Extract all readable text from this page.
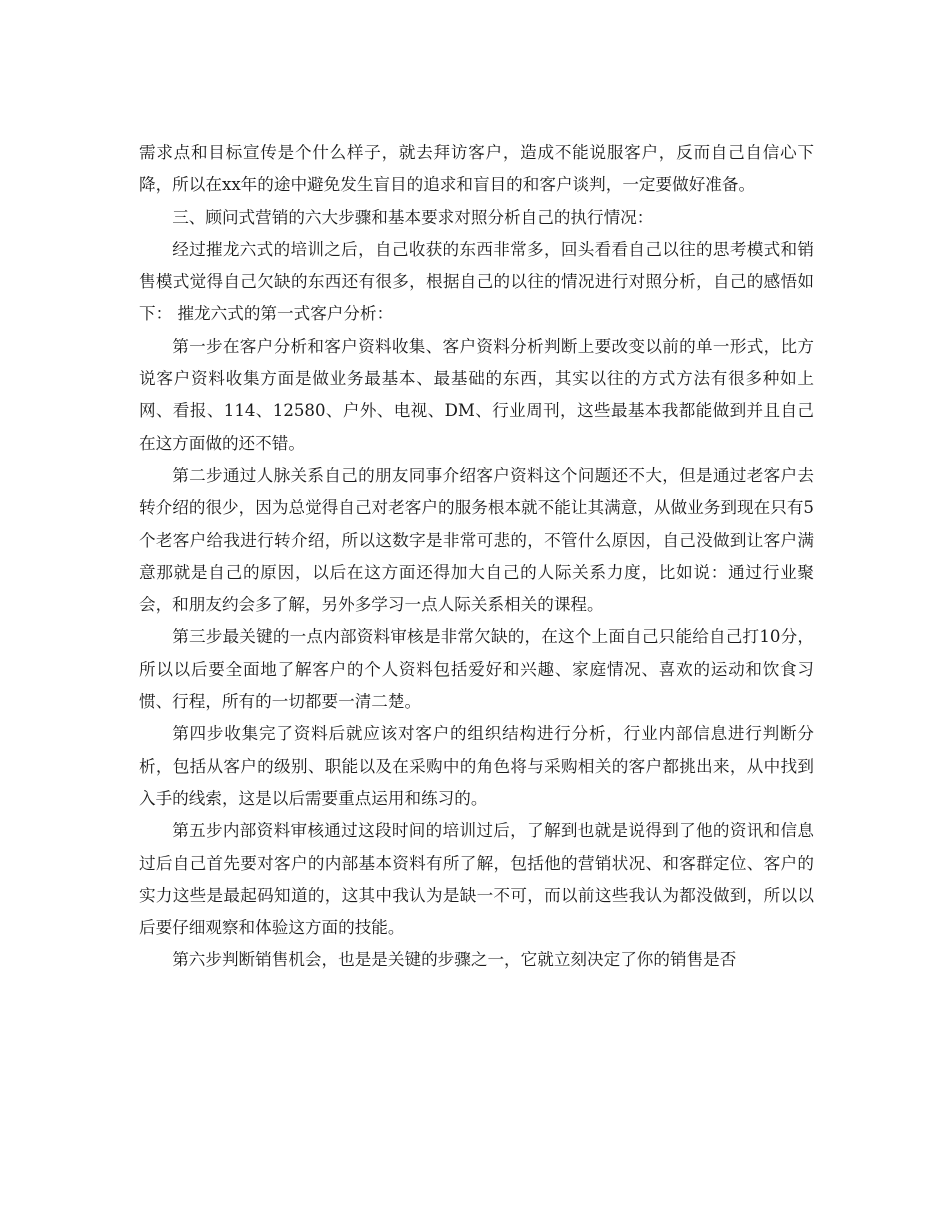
需求点和目标宣传是个什么样子，就去拜访客户，造成不能说服客户，反而自己自信心下降，所以在xx年的途中避免发生盲目的追求和盲目的和客户谈判，一定要做好准备。

三、顾问式营销的六大步骤和基本要求对照分析自己的执行情况：

经过摧龙六式的培训之后，自己收获的东西非常多，回头看看自己以往的思考模式和销售模式觉得自己欠缺的东西还有很多，根据自己的以往的情况进行对照分析，自己的感悟如下： 摧龙六式的第一式客户分析：

第一步在客户分析和客户资料收集、客户资料分析判断上要改变以前的单一形式，比方说客户资料收集方面是做业务最基本、最基础的东西，其实以往的方式方法有很多种如上网、看报、114、12580、户外、电视、DM、行业周刊，这些最基本我都能做到并且自己在这方面做的还不错。

第二步通过人脉关系自己的朋友同事介绍客户资料这个问题还不大，但是通过老客户去转介绍的很少，因为总觉得自己对老客户的服务根本就不能让其满意，从做业务到现在只有5个老客户给我进行转介绍，所以这数字是非常可悲的，不管什么原因，自己没做到让客户满意那就是自己的原因，以后在这方面还得加大自己的人际关系力度，比如说：通过行业聚会，和朋友约会多了解，另外多学习一点人际关系相关的课程。

第三步最关键的一点内部资料审核是非常欠缺的，在这个上面自己只能给自己打10分，所以以后要全面地了解客户的个人资料包括爱好和兴趣、家庭情况、喜欢的运动和饮食习惯、行程，所有的一切都要一清二楚。

第四步收集完了资料后就应该对客户的组织结构进行分析，行业内部信息进行判断分析，包括从客户的级别、职能以及在采购中的角色将与采购相关的客户都挑出来，从中找到入手的线索，这是以后需要重点运用和练习的。

第五步内部资料审核通过这段时间的培训过后，了解到也就是说得到了他的资讯和信息过后自己首先要对客户的内部基本资料有所了解，包括他的营销状况、和客群定位、客户的实力这些是最起码知道的，这其中我认为是缺一不可，而以前这些我认为都没做到，所以以后要仔细观察和体验这方面的技能。

第六步判断销售机会，也是是关键的步骤之一，它就立刻决定了你的销售是否
